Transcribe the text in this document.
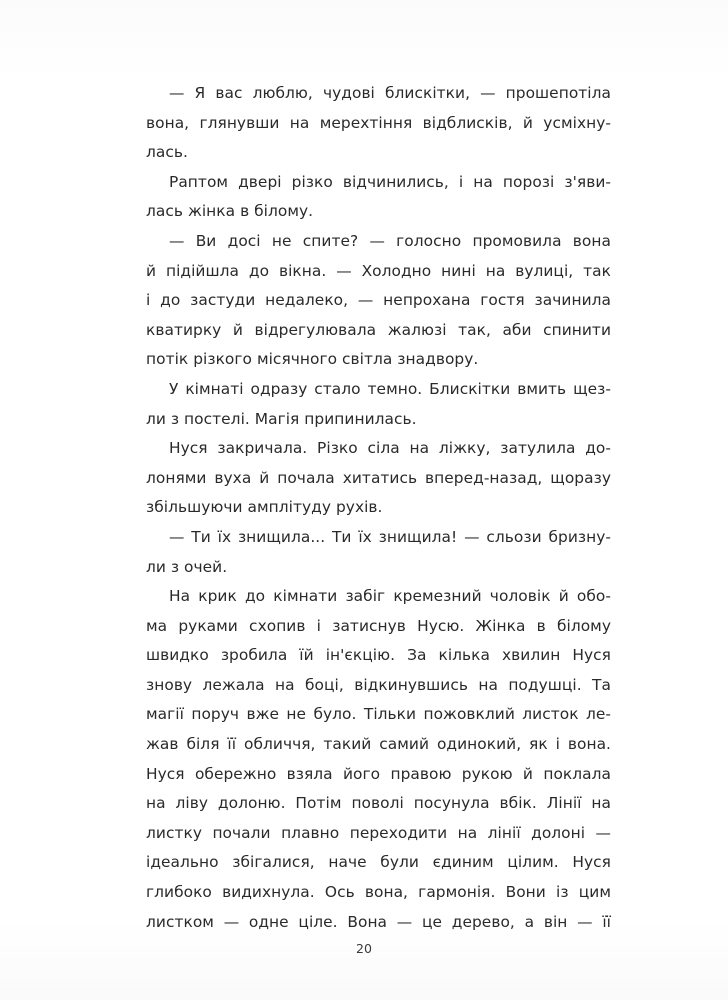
— Я вас люблю, чудові блискітки, — прошепотіла
вона, глянувши на мерехтіння відблисків, й усміхну-
лась.
Раптом двері різко відчинились, і на порозі з'яви-
лась жінка в білому.
— Ви досі не спите? — голосно промовила вона
й підійшла до вікна. — Холодно нині на вулиці, так
і до застуди недалеко, — непрохана гостя зачинила
кватирку й відрегулювала жалюзі так, аби спинити
потік різкого місячного світла знадвору.
У кімнаті одразу стало темно. Блискітки вмить щез-
ли з постелі. Магія припинилась.
Нуся закричала. Різко сіла на ліжку, затулила до-
лонями вуха й почала хитатись вперед-назад, щоразу
збільшуючи амплітуду рухів.
— Ти їх знищила... Ти їх знищила! — сльози бризну-
ли з очей.
На крик до кімнати забіг кремезний чоловік й обо-
ма руками схопив і затиснув Нусю. Жінка в білому
швидко зробила їй ін'єкцію. За кілька хвилин Нуся
знову лежала на боці, відкинувшись на подушці. Та
магії поруч вже не було. Тільки пожовклий листок ле-
жав біля її обличчя, такий самий одинокий, як і вона.
Нуся обережно взяла його правою рукою й поклала
на ліву долоню. Потім поволі посунула вбік. Лінії на
листку почали плавно переходити на лінії долоні —
ідеально збігалися, наче були єдиним цілим. Нуся
глибоко видихнула. Ось вона, гармонія. Вони із цим
листком — одне ціле. Вона — це дерево, а він — її
20
